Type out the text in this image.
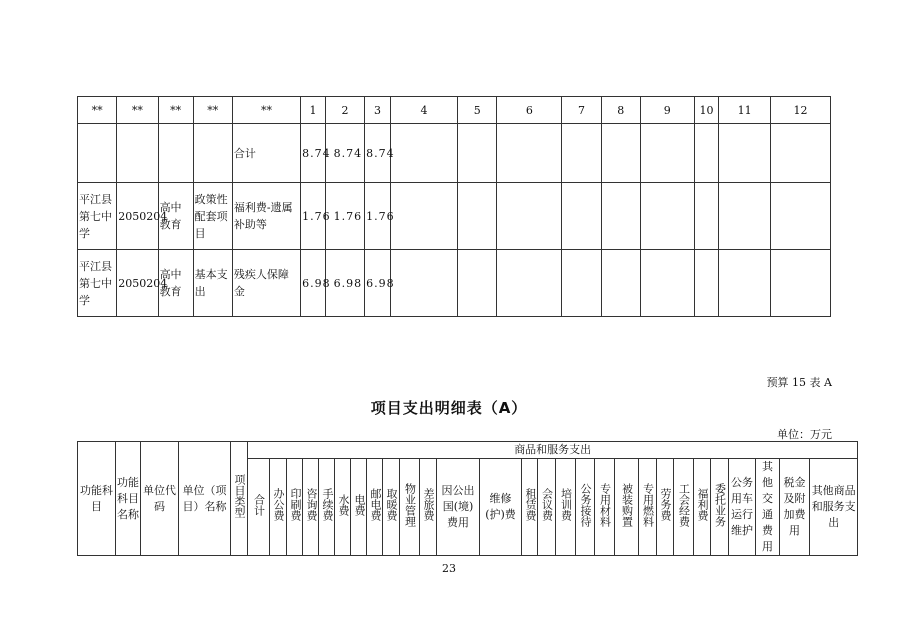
**	**	**	**	**	1	2	3	4	5	6	7	8	9	10	11	12
				合计	8.74	8.74	8.74									
平江县第七中学	2050204	高中教育	政策性配套项目	福利费-遗属补助等	1.76	1.76	1.76									
平江县第七中学	2050204	高中教育	基本支出	残疾人保障金	6.98	6.98	6.98									
预算 15 表 A
项目支出明细表（A）
单位：万元
功能科目	功能科目名称	单位代码	单位（项目）名称	项目类型	商品和服务支出																											
					合计	办公费	印刷费	咨询费	手续费	水费	电费	邮电费	取暖费	物业管理	差旅费	因公出国(境)费用	维修(护)费	租赁费	会议费	培训费	公务接待	专用材料	被装购置	专用燃料	劳务费	工会经费	福利费	委托业务	公务用车运行维护	其他交通费用	税金及附加费用	其他商品和服务支出
23
